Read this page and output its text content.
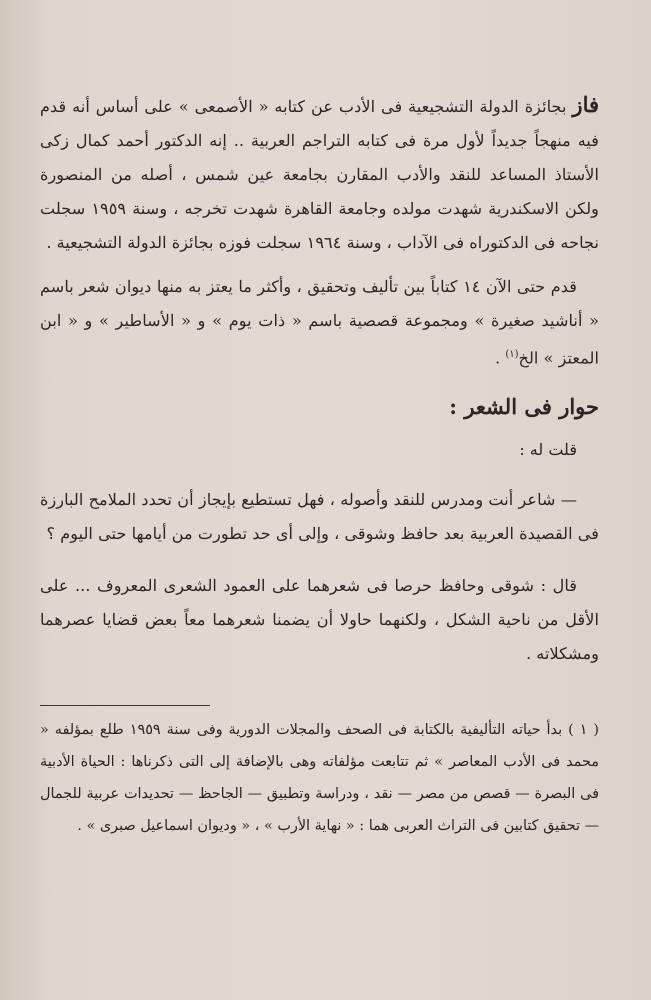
فاز بجائزة الدولة التشجيعية فى الأدب عن كتابه « الأصمعى » على أساس أنه قدم فيه منهجاً جديداً لأول مرة فى كتابه التراجم العربية .. إنه الدكتور أحمد كمال زكى الأستاذ المساعد للنقد والأدب المقارن بجامعة عين شمس ، أصله من المنصورة ولكن الاسكندرية شهدت مولده وجامعة القاهرة شهدت تخرجه ، وسنة ١٩٥٩ سجلت نجاحه فى الدكتوراه فى الآداب ، وسنة ١٩٦٤ سجلت فوزه بجائزة الدولة التشجيعية .

قدم حتى الآن ١٤ كتاباً بين تأليف وتحقيق ، وأكثر ما يعتز به منها ديوان شعر باسم « أناشيد صغيرة » ومجموعة قصصية باسم « ذات يوم » و « الأساطير » و « ابن المعتز » الخ$^{(١)}$ .

حوار فى الشعر :

قلت له :

— شاعر أنت ومدرس للنقد وأصوله ، فهل تستطيع بإيجاز أن تحدد الملامح البارزة فى القصيدة العربية بعد حافظ وشوقى ، وإلى أى حد تطورت من أيامها حتى اليوم ؟

قال : شوقى وحافظ حرصا فى شعرهما على العمود الشعرى المعروف ... على الأقل من ناحية الشكل ، ولكنهما حاولا أن يضمنا شعرهما معاً بعض قضايا عصرهما ومشكلاته .

( ١ ) بدأ حياته التأليفية بالكتابة فى الصحف والمجلات الدورية وفى سنة ١٩٥٩ طلع بمؤلفه « محمد فى الأدب المعاصر » ثم تتابعت مؤلفاته وهى بالإضافة إلى التى ذكرناها : الحياة الأدبية فى البصرة — قصص من مصر — نقد ، ودراسة وتطبيق — الجاحظ — تحديدات عربية للجمال — تحقيق كتابين فى التراث العربى هما : « نهاية الأرب » ، « وديوان اسماعيل صبرى » .
